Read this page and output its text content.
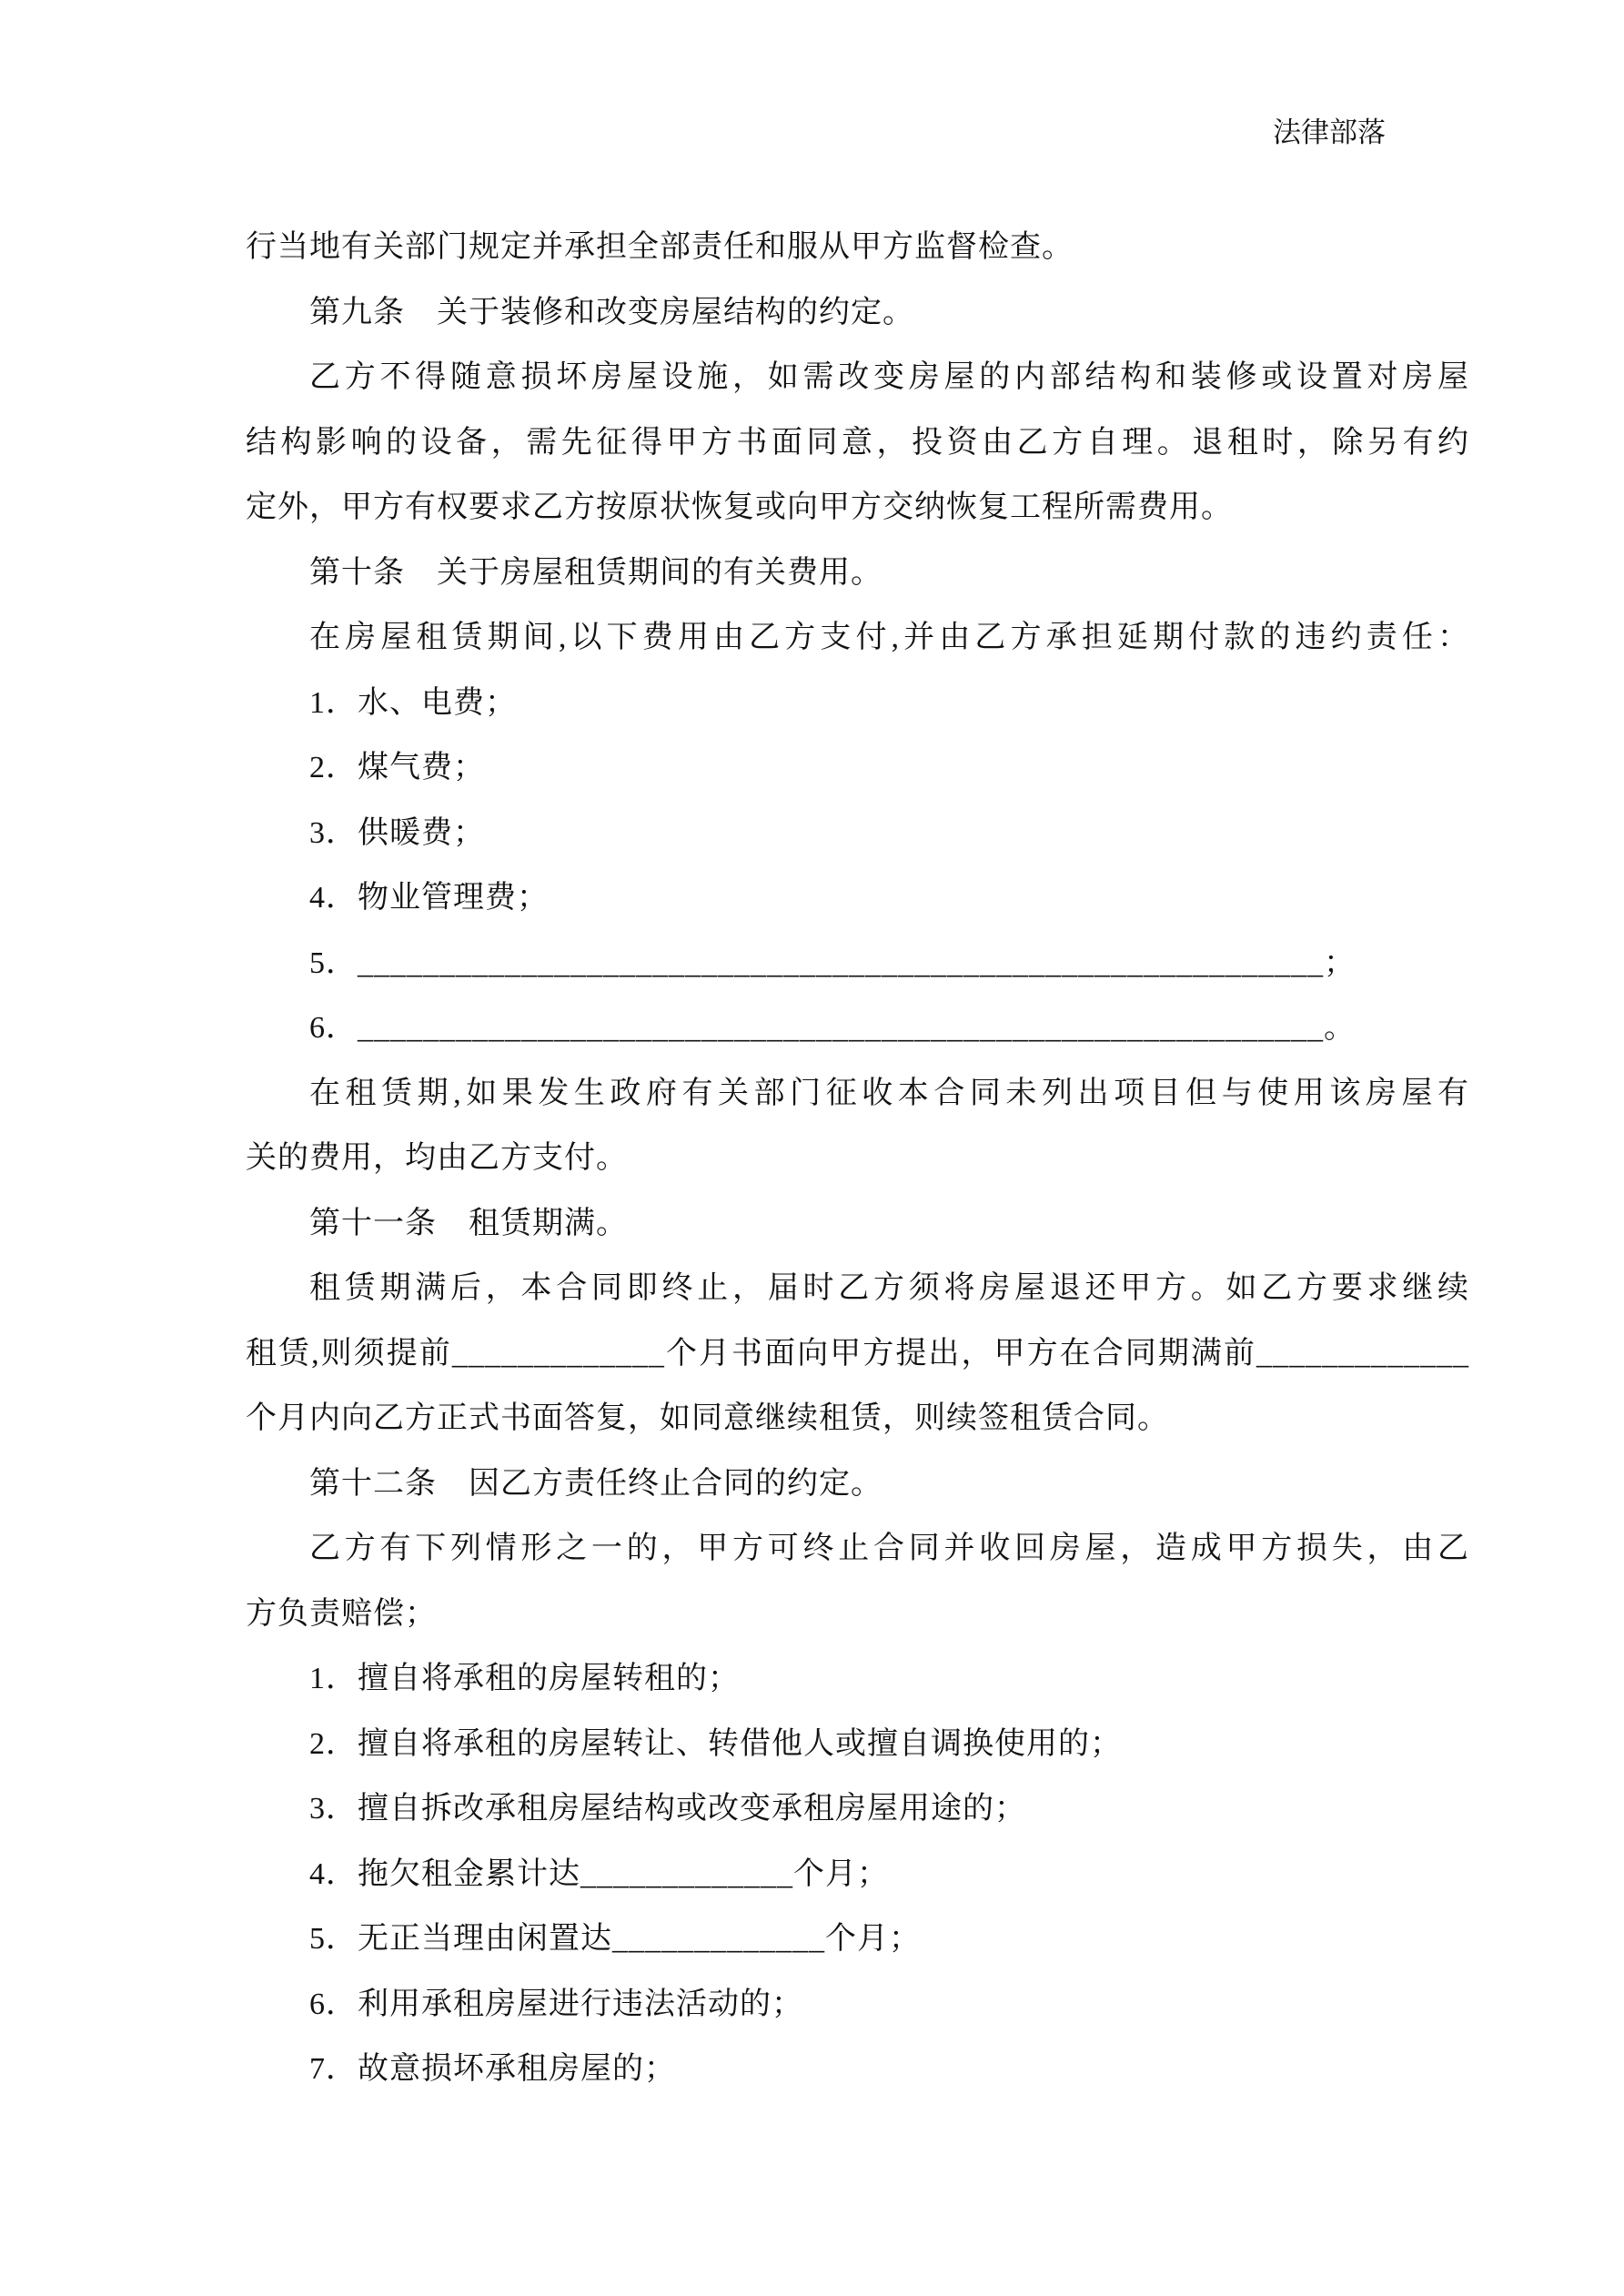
法律部落
行当地有关部门规定并承担全部责任和服从甲方监督检查。
第九条　关于装修和改变房屋结构的约定。
乙方不得随意损坏房屋设施，如需改变房屋的内部结构和装修或设置对房屋
结构影响的设备，需先征得甲方书面同意，投资由乙方自理。退租时，除另有约
定外，甲方有权要求乙方按原状恢复或向甲方交纳恢复工程所需费用。
第十条　关于房屋租赁期间的有关费用。
在房屋租赁期间,以下费用由乙方支付,并由乙方承担延期付款的违约责任：
1．水、电费；
2．煤气费；
3．供暖费；
4．物业管理费；
5．___________________________________________________________；
6．___________________________________________________________。
在租赁期,如果发生政府有关部门征收本合同未列出项目但与使用该房屋有
关的费用，均由乙方支付。
第十一条　租赁期满。
租赁期满后，本合同即终止，届时乙方须将房屋退还甲方。如乙方要求继续
租赁,则须提前_____________个月书面向甲方提出，甲方在合同期满前_____________
个月内向乙方正式书面答复，如同意继续租赁，则续签租赁合同。
第十二条　因乙方责任终止合同的约定。
乙方有下列情形之一的，甲方可终止合同并收回房屋，造成甲方损失，由乙
方负责赔偿；
1．擅自将承租的房屋转租的；
2．擅自将承租的房屋转让、转借他人或擅自调换使用的；
3．擅自拆改承租房屋结构或改变承租房屋用途的；
4．拖欠租金累计达_____________个月；
5．无正当理由闲置达_____________个月；
6．利用承租房屋进行违法活动的；
7．故意损坏承租房屋的；
